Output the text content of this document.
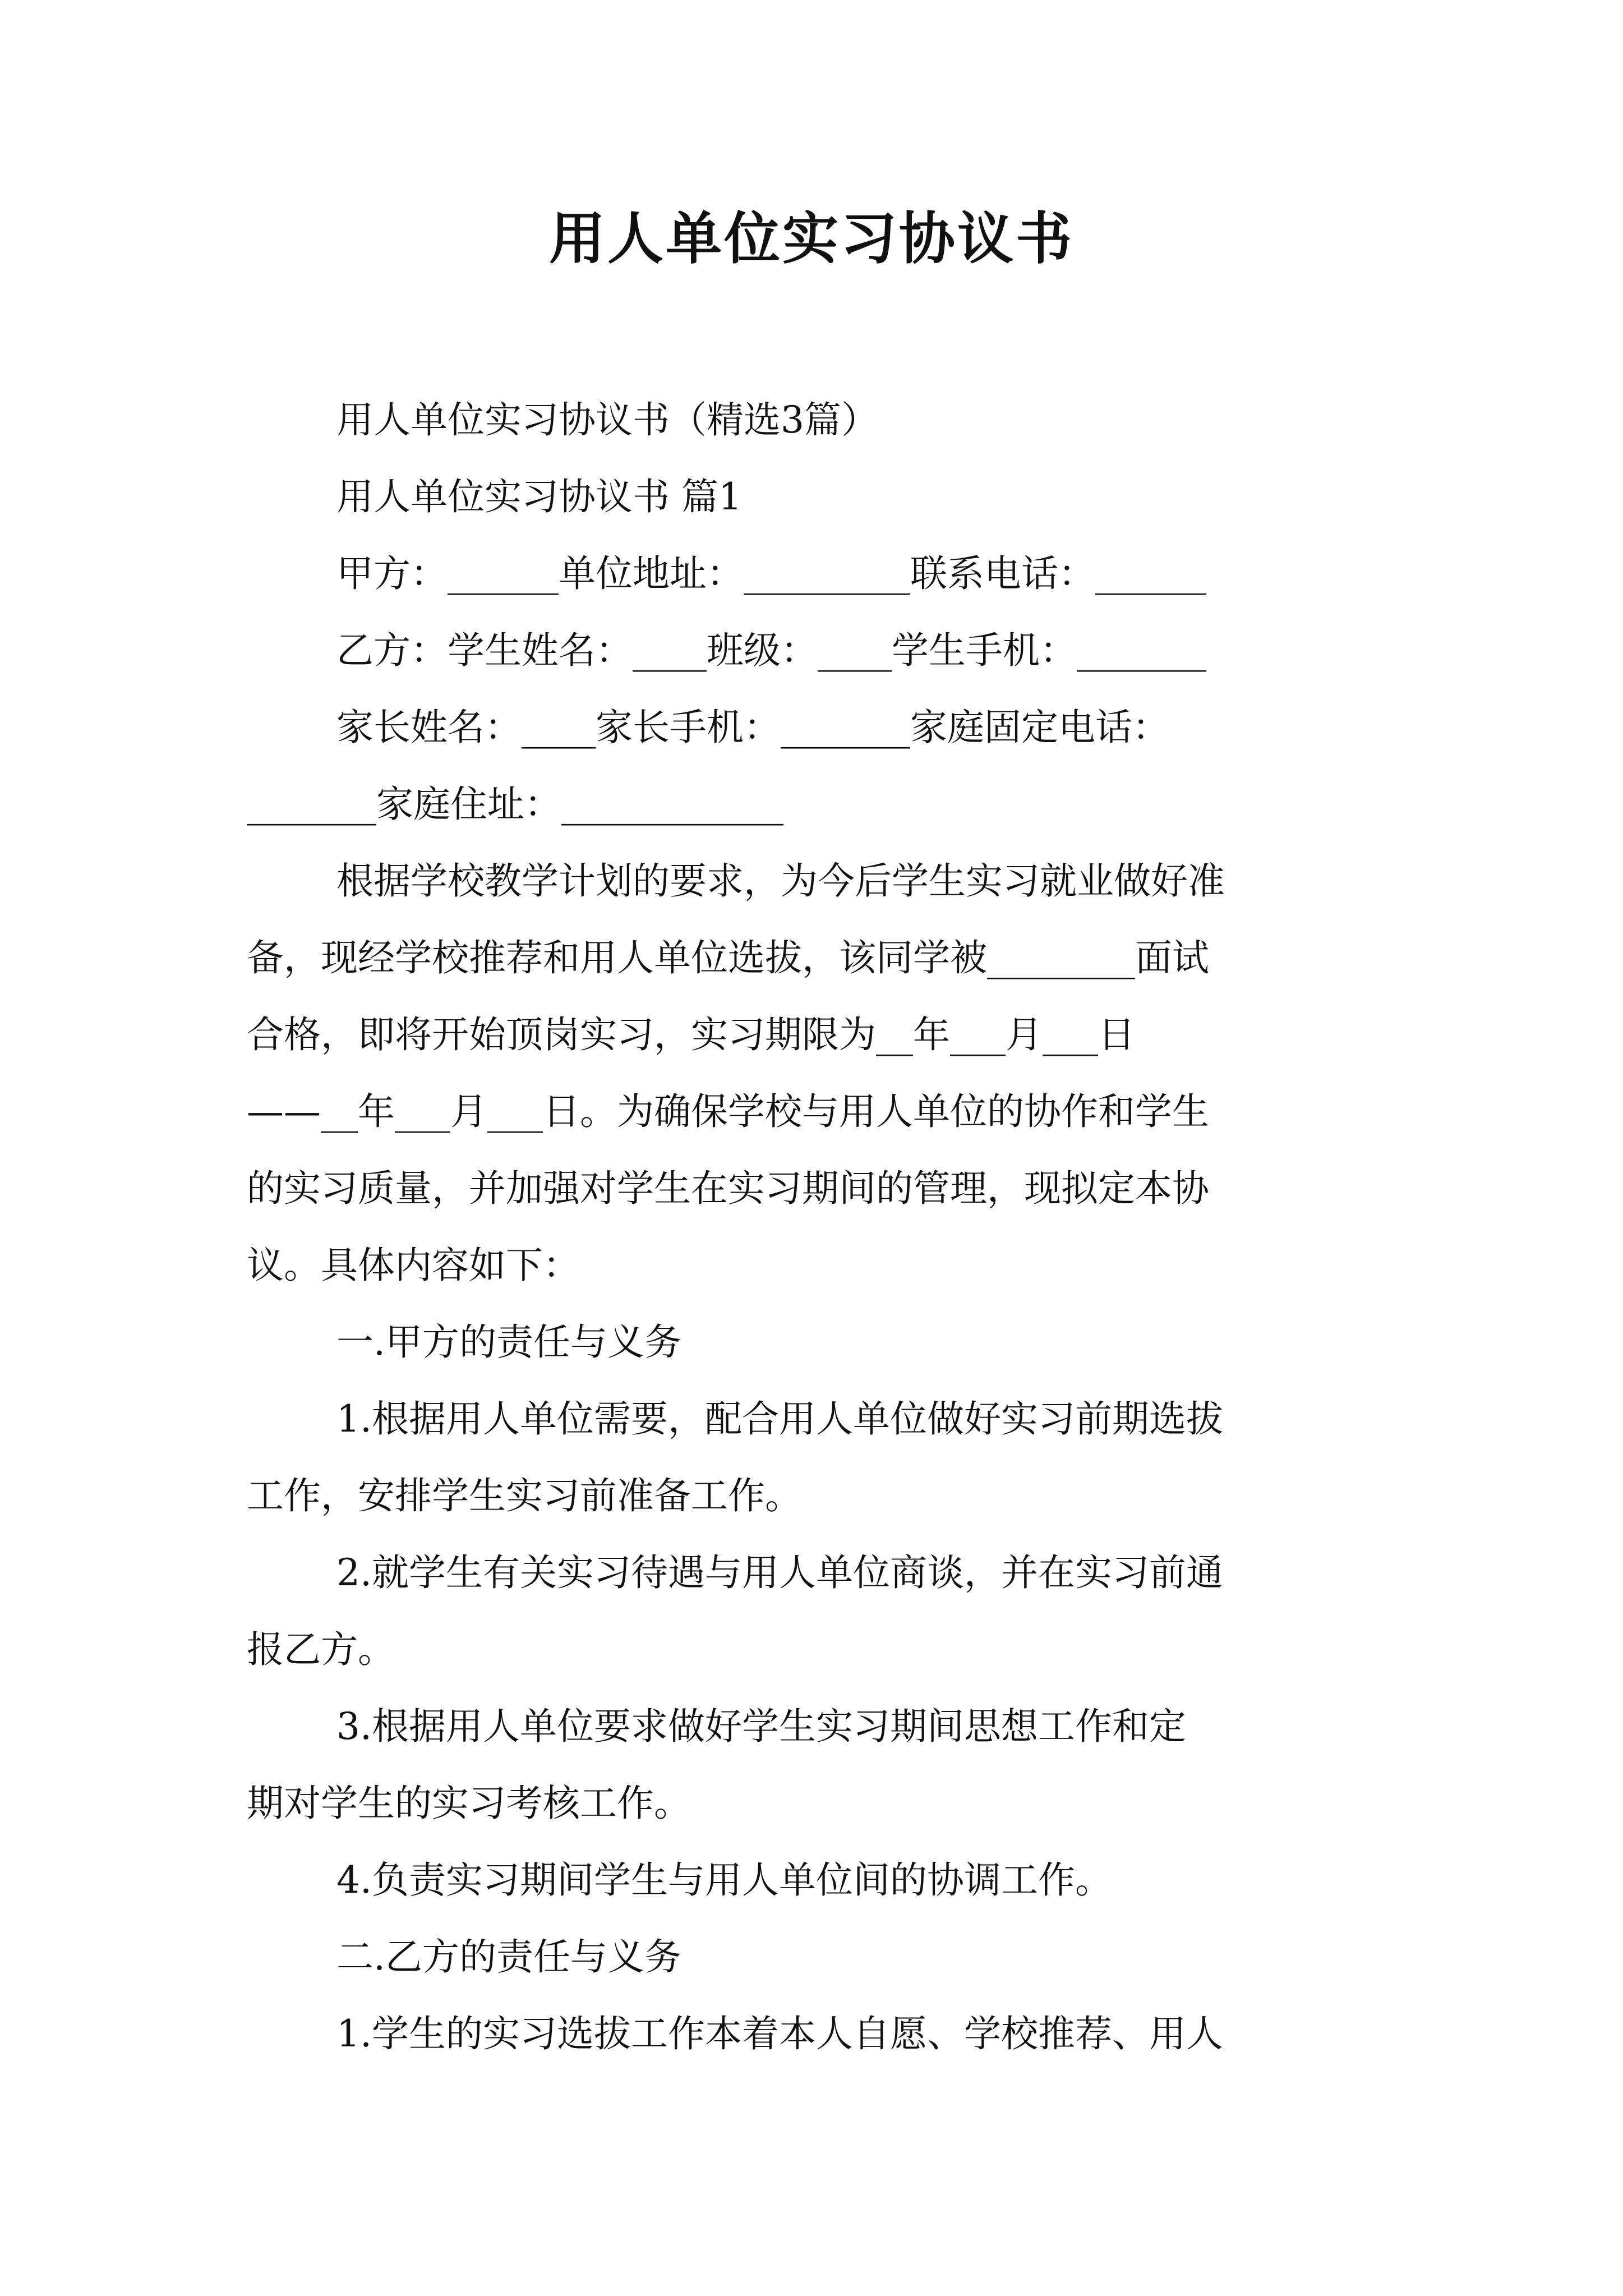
用人单位实习协议书
用人单位实习协议书（精选3篇）
用人单位实习协议书 篇1
甲方：______单位地址：_________联系电话：______
乙方：学生姓名：____班级：____学生手机：_______
家长姓名：____家长手机：_______家庭固定电话：
_______家庭住址：____________
根据学校教学计划的要求，为今后学生实习就业做好准
备，现经学校推荐和用人单位选拔，该同学被________面试
合格，即将开始顶岗实习，实习期限为__年___月___日
——__年___月___日。为确保学校与用人单位的协作和学生
的实习质量，并加强对学生在实习期间的管理，现拟定本协
议。具体内容如下：
一.甲方的责任与义务
1.根据用人单位需要，配合用人单位做好实习前期选拔
工作，安排学生实习前准备工作。
2.就学生有关实习待遇与用人单位商谈，并在实习前通
报乙方。
3.根据用人单位要求做好学生实习期间思想工作和定
期对学生的实习考核工作。
4.负责实习期间学生与用人单位间的协调工作。
二.乙方的责任与义务
1.学生的实习选拔工作本着本人自愿、学校推荐、用人
